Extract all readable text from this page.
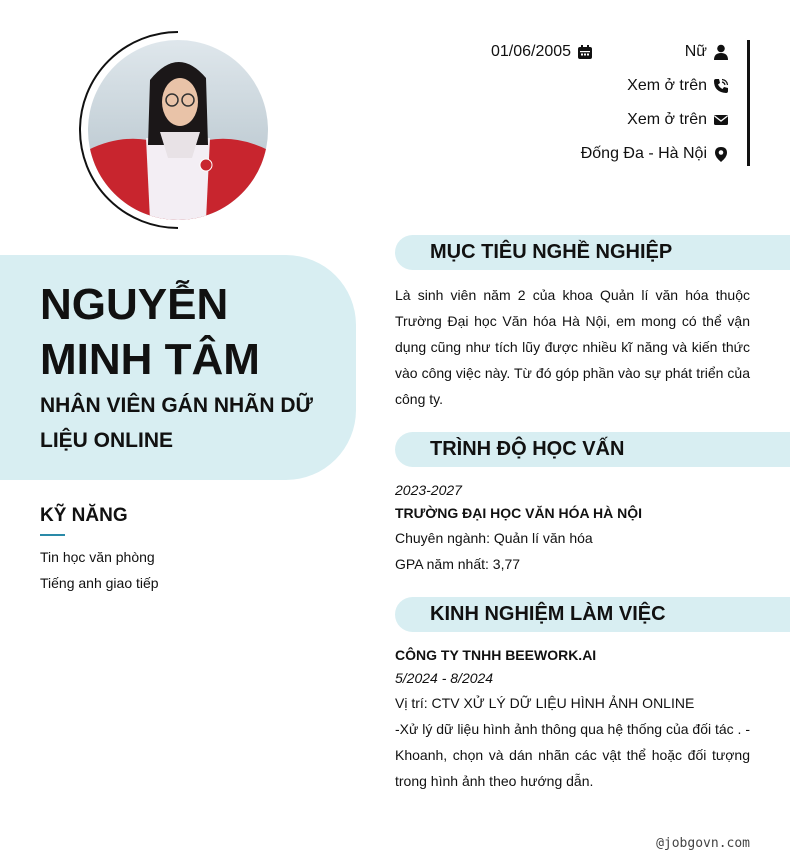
01/06/2005	Nữ
Xem ở trên
Xem ở trên
Đống Đa - Hà Nội
NGUYỄN MINH TÂM
NHÂN VIÊN GÁN NHÃN DỮ LIỆU ONLINE
KỸ NĂNG
Tin học văn phòng
Tiếng anh giao tiếp
MỤC TIÊU NGHỀ NGHIỆP
Là sinh viên năm 2 của khoa Quản lí văn hóa thuộc Trường Đại học Văn hóa Hà Nội, em mong có thể vận dụng cũng như tích lũy được nhiều kĩ năng và kiến thức vào công việc này. Từ đó góp phần vào sự phát triển của công ty.
TRÌNH ĐỘ HỌC VẤN
2023-2027
TRƯỜNG ĐẠI HỌC VĂN HÓA HÀ NỘI
Chuyên ngành: Quản lí văn hóa
GPA năm nhất: 3,77
KINH NGHIỆM LÀM VIỆC
CÔNG TY TNHH BEEWORK.AI
5/2024 - 8/2024
Vị trí: CTV XỬ LÝ DỮ LIỆU HÌNH ẢNH ONLINE
-Xử lý dữ liệu hình ảnh thông qua hệ thống của đối tác . -Khoanh, chọn và dán nhãn các vật thể hoặc đối tượng trong hình ảnh theo hướng dẫn.
@jobgovn.com
